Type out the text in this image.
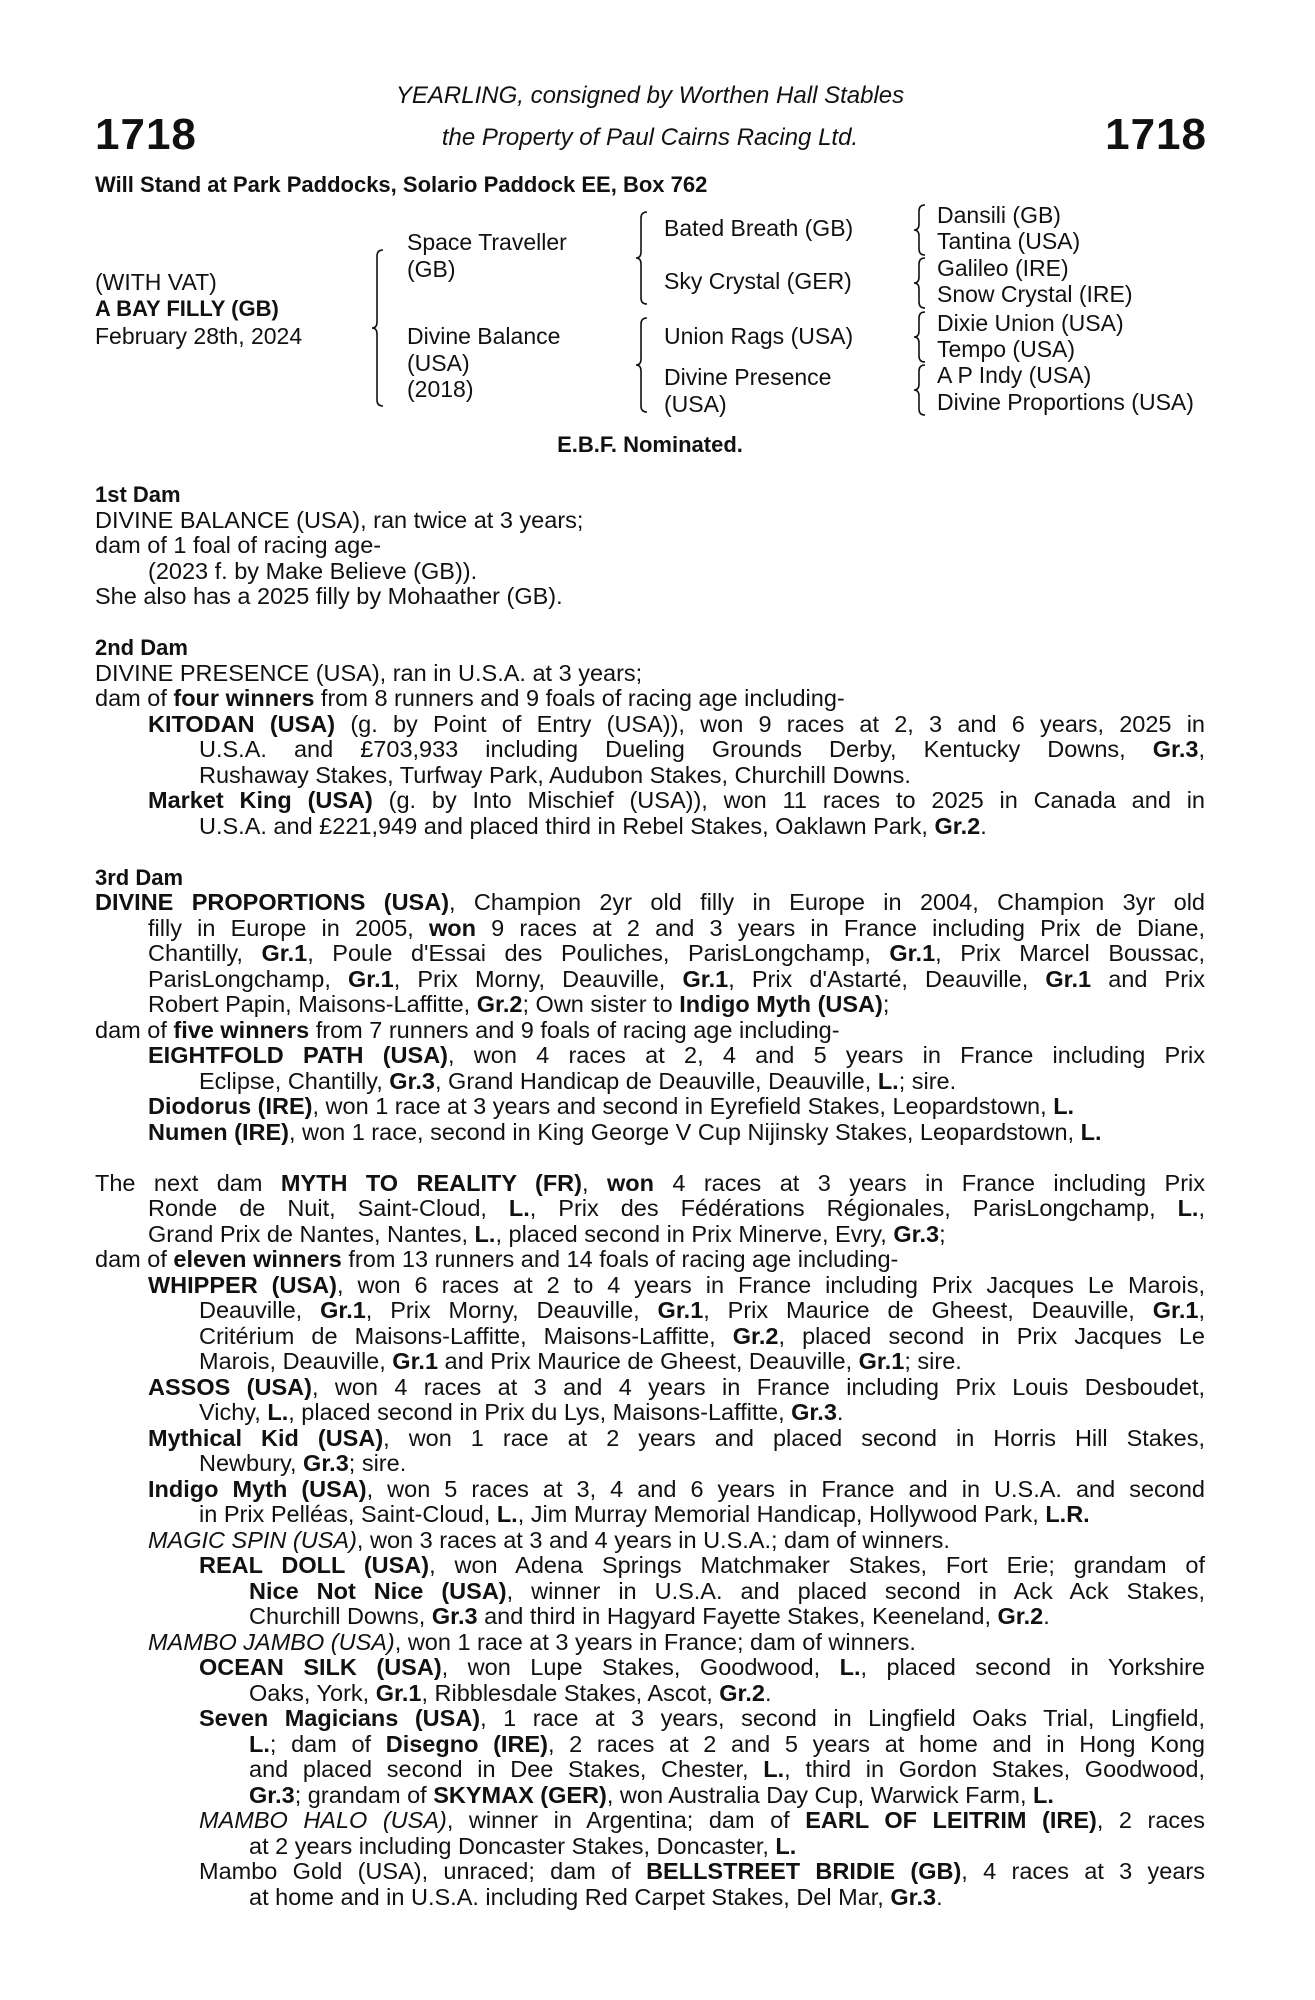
YEARLING, consigned by Worthen Hall Stables
the Property of Paul Cairns Racing Ltd.
1718	1718
Will Stand at Park Paddocks, Solario Paddock EE, Box 762
(WITH VAT)
A BAY FILLY (GB)
February 28th, 2024
Space Traveller
(GB)
Divine Balance
(USA)
(2018)
Bated Breath (GB)
Sky Crystal (GER)
Union Rags (USA)
Divine Presence
(USA)
Dansili (GB)
Tantina (USA)
Galileo (IRE)
Snow Crystal (IRE)
Dixie Union (USA)
Tempo (USA)
A P Indy (USA)
Divine Proportions (USA)
E.B.F. Nominated.
1st Dam
DIVINE BALANCE (USA), ran twice at 3 years;
dam of 1 foal of racing age-
(2023 f. by Make Believe (GB)).
She also has a 2025 filly by Mohaather (GB).
2nd Dam
DIVINE PRESENCE (USA), ran in U.S.A. at 3 years;
dam of four winners from 8 runners and 9 foals of racing age including-
KITODAN (USA) (g. by Point of Entry (USA)), won 9 races at 2, 3 and 6 years, 2025 in
U.S.A. and £703,933 including Dueling Grounds Derby, Kentucky Downs, Gr.3,
Rushaway Stakes, Turfway Park, Audubon Stakes, Churchill Downs.
Market King (USA) (g. by Into Mischief (USA)), won 11 races to 2025 in Canada and in
U.S.A. and £221,949 and placed third in Rebel Stakes, Oaklawn Park, Gr.2.
3rd Dam
DIVINE PROPORTIONS (USA), Champion 2yr old filly in Europe in 2004, Champion 3yr old
filly in Europe in 2005, won 9 races at 2 and 3 years in France including Prix de Diane,
Chantilly, Gr.1, Poule d'Essai des Pouliches, ParisLongchamp, Gr.1, Prix Marcel Boussac,
ParisLongchamp, Gr.1, Prix Morny, Deauville, Gr.1, Prix d'Astarté, Deauville, Gr.1 and Prix
Robert Papin, Maisons-Laffitte, Gr.2; Own sister to Indigo Myth (USA);
dam of five winners from 7 runners and 9 foals of racing age including-
EIGHTFOLD PATH (USA), won 4 races at 2, 4 and 5 years in France including Prix
Eclipse, Chantilly, Gr.3, Grand Handicap de Deauville, Deauville, L.; sire.
Diodorus (IRE), won 1 race at 3 years and second in Eyrefield Stakes, Leopardstown, L.
Numen (IRE), won 1 race, second in King George V Cup Nijinsky Stakes, Leopardstown, L.
The next dam MYTH TO REALITY (FR), won 4 races at 3 years in France including Prix
Ronde de Nuit, Saint-Cloud, L., Prix des Fédérations Régionales, ParisLongchamp, L.,
Grand Prix de Nantes, Nantes, L., placed second in Prix Minerve, Evry, Gr.3;
dam of eleven winners from 13 runners and 14 foals of racing age including-
WHIPPER (USA), won 6 races at 2 to 4 years in France including Prix Jacques Le Marois,
Deauville, Gr.1, Prix Morny, Deauville, Gr.1, Prix Maurice de Gheest, Deauville, Gr.1,
Critérium de Maisons-Laffitte, Maisons-Laffitte, Gr.2, placed second in Prix Jacques Le
Marois, Deauville, Gr.1 and Prix Maurice de Gheest, Deauville, Gr.1; sire.
ASSOS (USA), won 4 races at 3 and 4 years in France including Prix Louis Desboudet,
Vichy, L., placed second in Prix du Lys, Maisons-Laffitte, Gr.3.
Mythical Kid (USA), won 1 race at 2 years and placed second in Horris Hill Stakes,
Newbury, Gr.3; sire.
Indigo Myth (USA), won 5 races at 3, 4 and 6 years in France and in U.S.A. and second
in Prix Pelléas, Saint-Cloud, L., Jim Murray Memorial Handicap, Hollywood Park, L.R.
MAGIC SPIN (USA), won 3 races at 3 and 4 years in U.S.A.; dam of winners.
REAL DOLL (USA), won Adena Springs Matchmaker Stakes, Fort Erie; grandam of
Nice Not Nice (USA), winner in U.S.A. and placed second in Ack Ack Stakes,
Churchill Downs, Gr.3 and third in Hagyard Fayette Stakes, Keeneland, Gr.2.
MAMBO JAMBO (USA), won 1 race at 3 years in France; dam of winners.
OCEAN SILK (USA), won Lupe Stakes, Goodwood, L., placed second in Yorkshire
Oaks, York, Gr.1, Ribblesdale Stakes, Ascot, Gr.2.
Seven Magicians (USA), 1 race at 3 years, second in Lingfield Oaks Trial, Lingfield,
L.; dam of Disegno (IRE), 2 races at 2 and 5 years at home and in Hong Kong
and placed second in Dee Stakes, Chester, L., third in Gordon Stakes, Goodwood,
Gr.3; grandam of SKYMAX (GER), won Australia Day Cup, Warwick Farm, L.
MAMBO HALO (USA), winner in Argentina; dam of EARL OF LEITRIM (IRE), 2 races
at 2 years including Doncaster Stakes, Doncaster, L.
Mambo Gold (USA), unraced; dam of BELLSTREET BRIDIE (GB), 4 races at 3 years
at home and in U.S.A. including Red Carpet Stakes, Del Mar, Gr.3.
